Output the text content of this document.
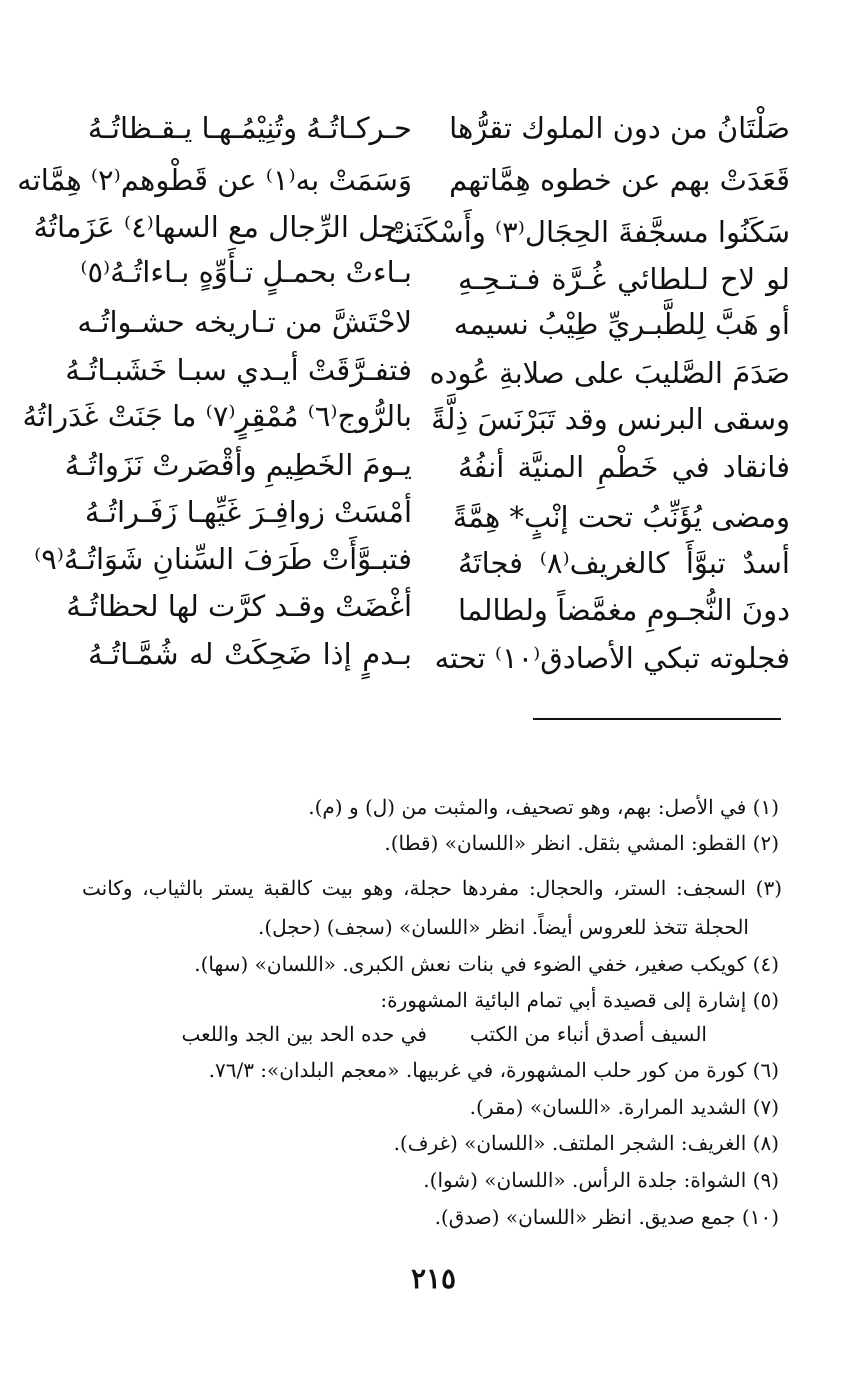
صَلْتَانُ من دون الملوك تقرُّها
قَعَدَتْ بهم عن خطوه هِمَّاتهم
سَكَنُوا مسجَّفةَ الحِجَال⁽٣⁾ وأَسْكَنَتْ
لو لاح لـلطائي غُـرَّة فـتـحِـهِ
أو هَبَّ لِلطَّبـريِّ طِيْبُ نسيمه
صَدَمَ الصَّليبَ على صلابةِ عُوده
وسقى البرنس وقد تَبَرْنَسَ ذِلَّةً
فانقاد في خَطْمِ المنيَّة أنفُهُ
ومضى يُؤَنِّبُ تحت إنْبٍ* هِمَّةً
أسدٌ تبوَّأَ كالغريف⁽٨⁾ فجاتَهُ
دونَ النُّجـومِ مغمَّضاً ولطالما
فجلوته تبكي الأصادق⁽١٠⁾ تحته
حـركـاتُـهُ وتُنِيْمُـهـا يـقـظاتُـهُ
وَسَمَتْ به⁽١⁾ عن قَطْوهم⁽٢⁾ هِمَّاته
زجل الرِّجال مع السها⁽٤⁾ عَزَماتُهُ
بـاءتْ بحمـلٍ تـأَوِّهٍ بـاءاتُـهُ⁽٥⁾
لاحْتَشَّ من تـاريخه حشـواتُـه
فتفـرَّقَتْ أيـدي سبـا خَشَبـاتُـهُ
بالرُّوج⁽٦⁾ مُمْقِرٍ⁽٧⁾ ما جَنَتْ غَدَراتُهُ
يـومَ الخَطِيمِ وأقْصَرتْ نَزَواتُـهُ
أمْسَتْ زوافِـرَ غَيِّهـا زَفَـراتُـهُ
فتبـوَّأَتْ طَرَفَ السِّنانِ شَوَاتُـهُ⁽٩⁾
أغْضَتْ وقـد كرَّت لها لحظاتُـهُ
بـدمٍ إذا ضَحِكَتْ له شُمَّـاتُـهُ
(١) في الأصل: بهم، وهو تصحيف، والمثبت من (ل) و (م).
(٢) القطو: المشي بثقل. انظر «اللسان» (قطا).
(٣) السجف: الستر، والحجال: مفردها حجلة، وهو بيت كالقبة يستر بالثياب، وكانت
الحجلة تتخذ للعروس أيضاً. انظر «اللسان» (سجف) (حجل).
(٤) كويكب صغير، خفي الضوء في بنات نعش الكبرى. «اللسان» (سها).
(٥) إشارة إلى قصيدة أبي تمام البائية المشهورة:
السيف أصدق أنباء من الكتب
في حده الحد بين الجد واللعب
(٦) كورة من كور حلب المشهورة، في غربيها. «معجم البلدان»: ٧٦/٣.
(٧) الشديد المرارة. «اللسان» (مقر).
(٨) الغريف: الشجر الملتف. «اللسان» (غرف).
(٩) الشواة: جلدة الرأس. «اللسان» (شوا).
(١٠) جمع صديق. انظر «اللسان» (صدق).
٢١٥
